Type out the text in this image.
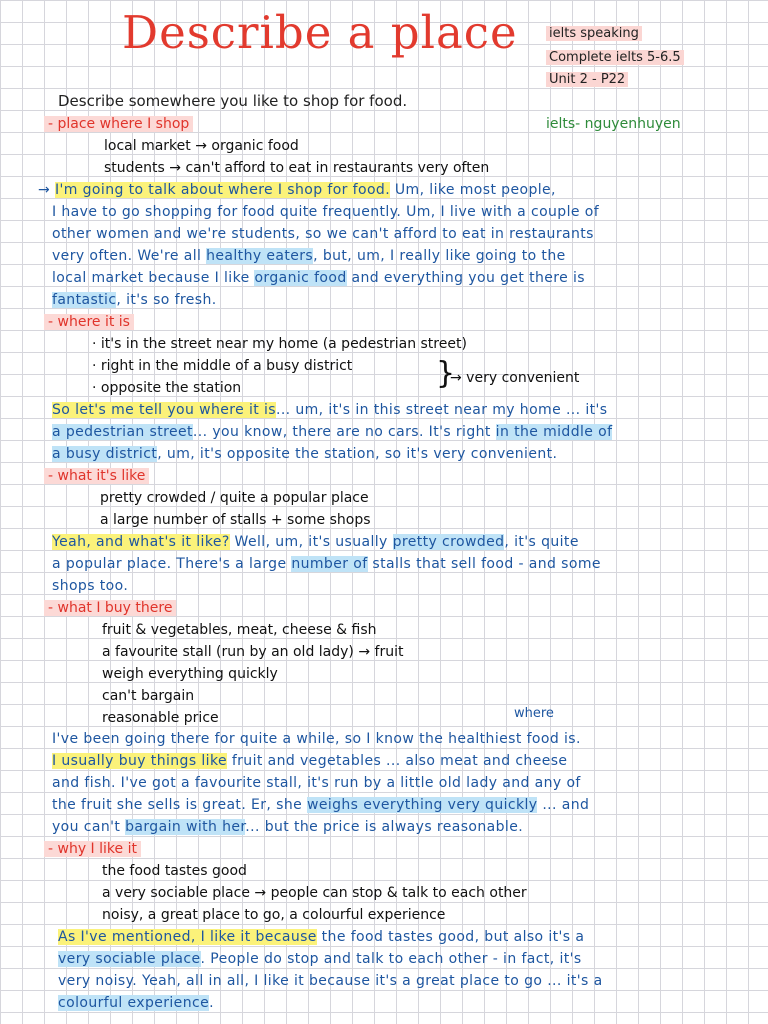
Describe a place ielts speaking
Complete ielts 5-6.5
Unit 2 - P22
ielts- nguyenhuyen
Describe somewhere you like to shop for food.
- place where I shop
local market → organic food
students → can't afford to eat in restaurants very often
→ I'm going to talk about where I shop for food. Um, like most people,
I have to go shopping for food quite frequently. Um, I live with a couple of
other women and we're students, so we can't afford to eat in restaurants
very often. We're all healthy eaters, but, um, I really like going to the
local market because I like organic food and everything you get there is
fantastic, it's so fresh.
- where it is
· it's in the street near my home (a pedestrian street)
· right in the middle of a busy district
· opposite the station	}
→ very convenient
So let's me tell you where it is... um, it's in this street near my home ... it's
a pedestrian street... you know, there are no cars. It's right in the middle of
a busy district, um, it's opposite the station, so it's very convenient.
- what it's like
pretty crowded / quite a popular place
a large number of stalls + some shops
Yeah, and what's it like? Well, um, it's usually pretty crowded, it's quite
a popular place. There's a large number of stalls that sell food - and some
shops too.
- what I buy there
fruit & vegetables, meat, cheese & fish
a favourite stall (run by an old lady) → fruit
weigh everything quickly
can't bargain
reasonable price	where
I've been going there for quite a while, so I know the healthiest food is.
I usually buy things like fruit and vegetables ... also meat and cheese
and fish. I've got a favourite stall, it's run by a little old lady and any of
the fruit she sells is great. Er, she weighs everything very quickly ... and
you can't bargain with her... but the price is always reasonable.
- why I like it
the food tastes good
a very sociable place → people can stop & talk to each other
noisy, a great place to go, a colourful experience
As I've mentioned, I like it because the food tastes good, but also it's a
very sociable place. People do stop and talk to each other - in fact, it's
very noisy. Yeah, all in all, I like it because it's a great place to go ... it's a
colourful experience.
